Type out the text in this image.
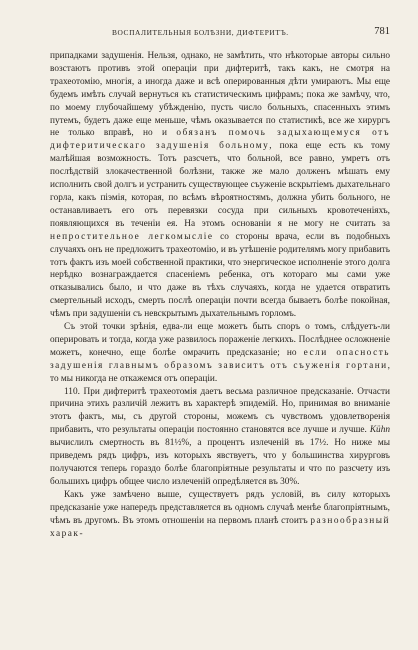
ВОСПАЛИТЕЛЬНЫЯ БОЛѢЗНИ, ДИФТЕРИТЪ.	781

припадками задушенія. Нельзя, однако, не замѣтить, что нѣкоторые авторы сильно возстаютъ противъ этой операціи при дифтеритѣ, такъ какъ, не смотря на трахеотомію, многія, а иногда даже и всѣ оперированныя дѣти умираютъ. Мы еще будемъ имѣть случай вернуться къ статистическимъ цифрамъ; пока же замѣчу, что, по моему глубочайшему убѣжденію, пусть число больныхъ, спасенныхъ этимъ путемъ, будетъ даже еще меньше, чѣмъ оказывается по статистикѣ, все же хирургъ не только вправѣ, но и обязанъ помочь задыхающемуся отъ дифтеритическаго задушенія больному, пока еще есть къ тому малѣйшая возможность. Тотъ разсчетъ, что больной, все равно, умретъ отъ послѣдствій злокачественной болѣзни, также же мало долженъ мѣшать ему исполнить свой долгъ и устранить существующее съуженіе вскрытіемъ дыхательнаго горла, какъ піэмія, которая, по всѣмъ вѣроятностямъ, должна убить больного, не останавливаетъ его отъ перевязки сосуда при сильныхъ кровотеченіяхъ, появляющихся въ теченіи ея. На этомъ основаніи я не могу не считать за непростительное легкомысліе со стороны врача, если въ подобныхъ случаяхъ онъ не предложитъ трахеотомію, и въ утѣшеніе родителямъ могу прибавить тотъ фактъ изъ моей собственной практики, что энергическое исполненіе этого долга нерѣдко вознаграждается спасеніемъ ребенка, отъ котораго мы сами уже отказывались было, и что даже въ тѣхъ случаяхъ, когда не удается отвратить смертельный исходъ, смерть послѣ операціи почти всегда бываетъ болѣе покойная, чѣмъ при задушеніи съ невскрытымъ дыхательнымъ горломъ.

Съ этой точки зрѣнія, едва-ли еще можетъ быть споръ о томъ, слѣдуетъ-ли оперировать и тогда, когда уже развилось пораженіе легкихъ. Послѣднее осложненіе можетъ, конечно, еще болѣе омрачить предсказаніе; но если опасность задушенія главнымъ образомъ зависитъ отъ съуженія гортани, то мы никогда не откажемся отъ операціи.

110. При дифтеритѣ трахеотомія даетъ весьма различное предсказаніе. Отчасти причина этихъ различій лежитъ въ характерѣ эпидемій. Но, принимая во вниманіе этотъ фактъ, мы, съ другой стороны, можемъ съ чувствомъ удовлетворенія прибавить, что результаты операціи постоянно становятся все лучше и лучше. Kühn вычислилъ смертность въ 81½%, а процентъ излеченій въ 17½. Но ниже мы приведемъ рядъ цифръ, изъ которыхъ явствуетъ, что у большинства хирурговъ получаются теперь гораздо болѣе благопріятные результаты и что по разсчету изъ большихъ цифръ общее число излеченій опредѣляется въ 30%.

Какъ уже замѣчено выше, существуетъ рядъ условій, въ силу которыхъ предсказаніе уже напередъ представляется въ одномъ случаѣ менѣе благопріятнымъ, чѣмъ въ другомъ. Въ этомъ отношеніи на первомъ планѣ стоитъ разнообразный харак-
